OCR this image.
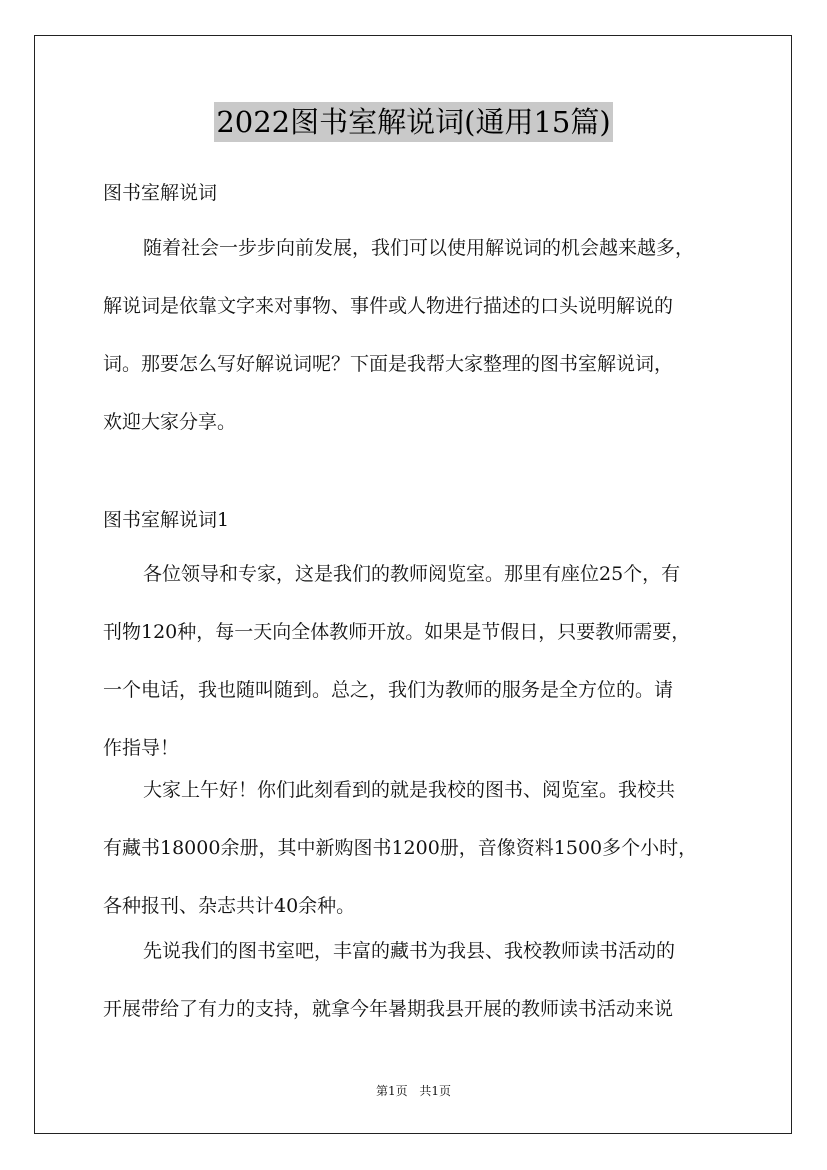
2022图书室解说词(通用15篇)
图书室解说词
随着社会一步步向前发展，我们可以使用解说词的机会越来越多，
解说词是依靠文字来对事物、事件或人物进行描述的口头说明解说的
词。那要怎么写好解说词呢？下面是我帮大家整理的图书室解说词，
欢迎大家分享。
图书室解说词1
各位领导和专家，这是我们的教师阅览室。那里有座位25个，有
刊物120种，每一天向全体教师开放。如果是节假日，只要教师需要，
一个电话，我也随叫随到。总之，我们为教师的服务是全方位的。请
作指导！
大家上午好！你们此刻看到的就是我校的图书、阅览室。我校共
有藏书18000余册，其中新购图书1200册，音像资料1500多个小时，
各种报刊、杂志共计40余种。
先说我们的图书室吧，丰富的藏书为我县、我校教师读书活动的
开展带给了有力的支持，就拿今年暑期我县开展的教师读书活动来说
第1页 共1页
